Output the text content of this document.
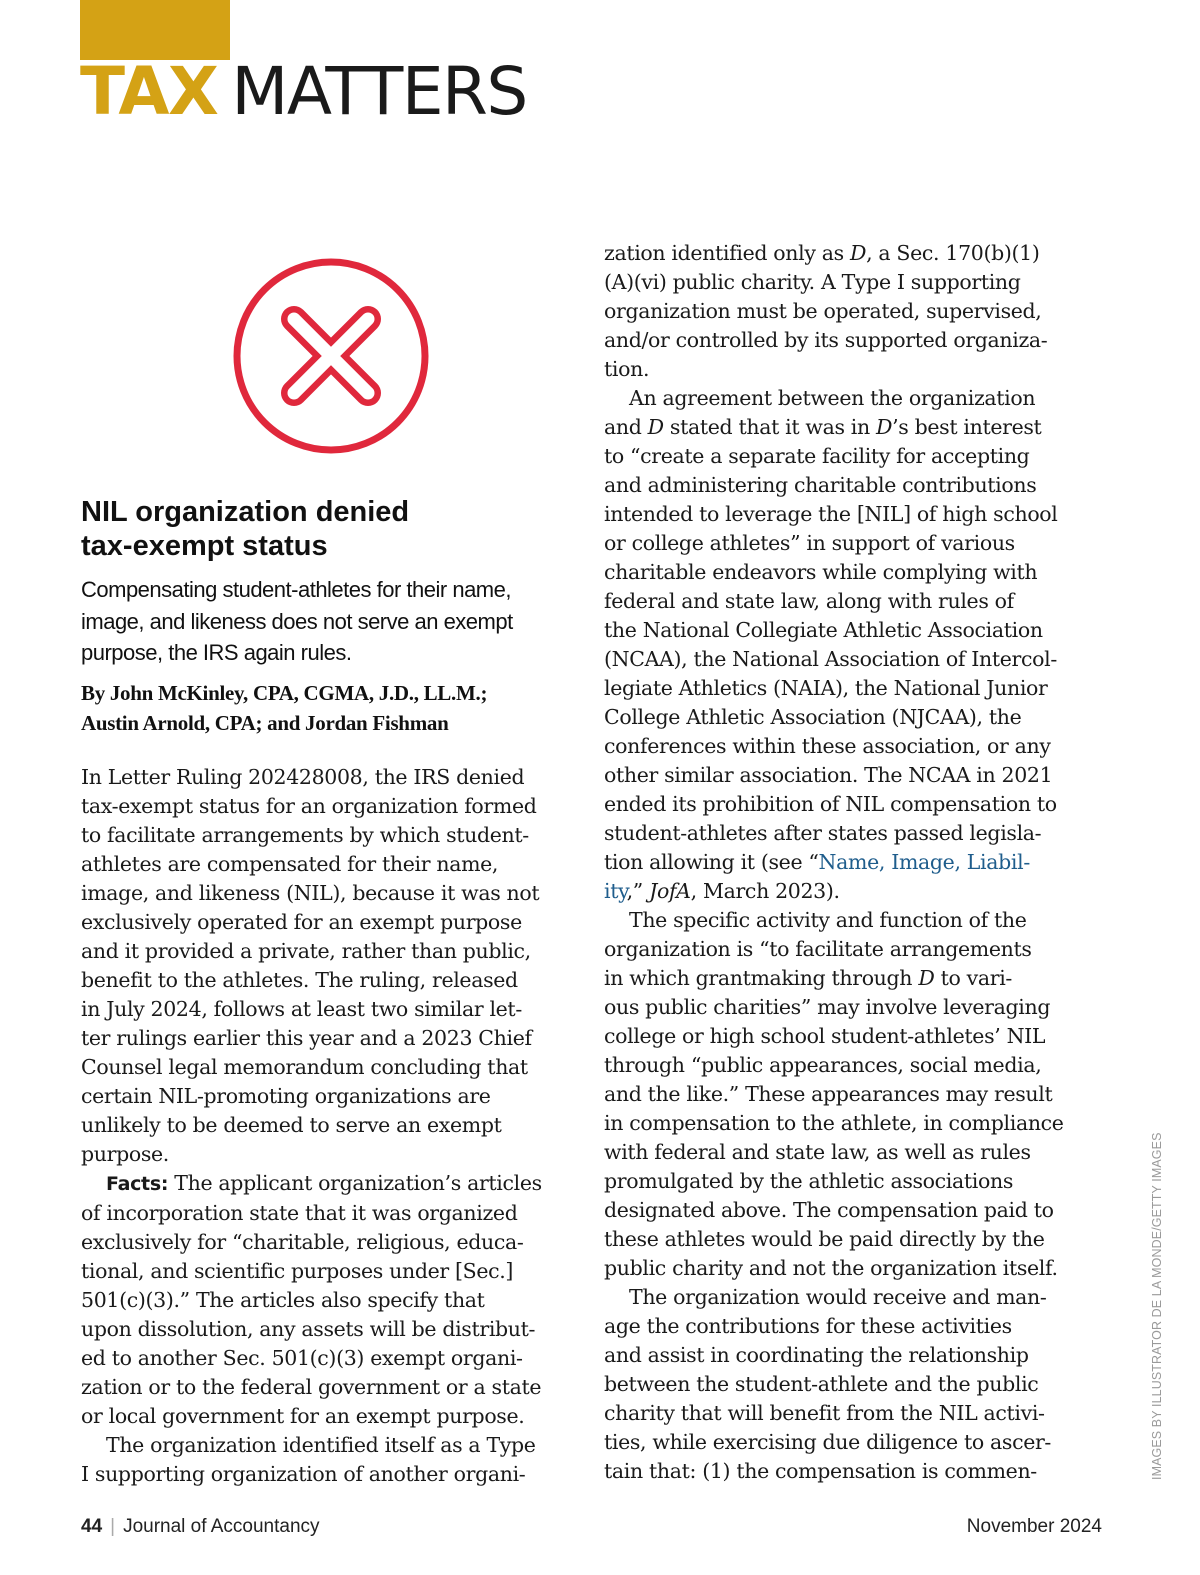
TAX MATTERS
NIL organization denied
tax-exempt status

Compensating student-athletes for their name,
image, and likeness does not serve an exempt
purpose, the IRS again rules.

By John McKinley, CPA, CGMA, J.D., LL.M.;
Austin Arnold, CPA; and Jordan Fishman

In Letter Ruling 202428008, the IRS denied

tax-exempt status for an organization formed

to facilitate arrangements by which student-

athletes are compensated for their name,

image, and likeness (NIL), because it was not

exclusively operated for an exempt purpose

and it provided a private, rather than public,

benefit to the athletes. The ruling, released

in July 2024, follows at least two similar let-

ter rulings earlier this year and a 2023 Chief

Counsel legal memorandum concluding that

certain NIL-promoting organizations are

unlikely to be deemed to serve an exempt

purpose.

Facts: The applicant organization’s articles

of incorporation state that it was organized

exclusively for “charitable, religious, educa-

tional, and scientific purposes under [Sec.]

501(c)(3).” The articles also specify that

upon dissolution, any assets will be distribut-

ed to another Sec. 501(c)(3) exempt organi-

zation or to the federal government or a state

or local government for an exempt purpose.

The organization identified itself as a Type

I supporting organization of another organi-

zation identified only as D, a Sec. 170(b)(1)

(A)(vi) public charity. A Type I supporting

organization must be operated, supervised,

and/or controlled by its supported organiza-

tion.

An agreement between the organization

and D stated that it was in D’s best interest

to “create a separate facility for accepting

and administering charitable contributions

intended to leverage the [NIL] of high school

or college athletes” in support of various

charitable endeavors while complying with

federal and state law, along with rules of

the National Collegiate Athletic Association

(NCAA), the National Association of Intercol-

legiate Athletics (NAIA), the National Junior

College Athletic Association (NJCAA), the

conferences within these association, or any

other similar association. The NCAA in 2021

ended its prohibition of NIL compensation to

student-athletes after states passed legisla-

tion allowing it (see “Name, Image, Liabil-

ity,” JofA, March 2023).

The specific activity and function of the

organization is “to facilitate arrangements

in which grantmaking through D to vari-

ous public charities” may involve leveraging

college or high school student-athletes’ NIL

through “public appearances, social media,

and the like.” These appearances may result

in compensation to the athlete, in compliance

with federal and state law, as well as rules

promulgated by the athletic associations

designated above. The compensation paid to

these athletes would be paid directly by the

public charity and not the organization itself.

The organization would receive and man-

age the contributions for these activities

and assist in coordinating the relationship

between the student-athlete and the public

charity that will benefit from the NIL activi-

ties, while exercising due diligence to ascer-

tain that: (1) the compensation is commen-	IMAGES BY ILLUSTRATOR DE LA MONDE/GETTY IMAGES

44 | Journal of Accountancy	November 2024
